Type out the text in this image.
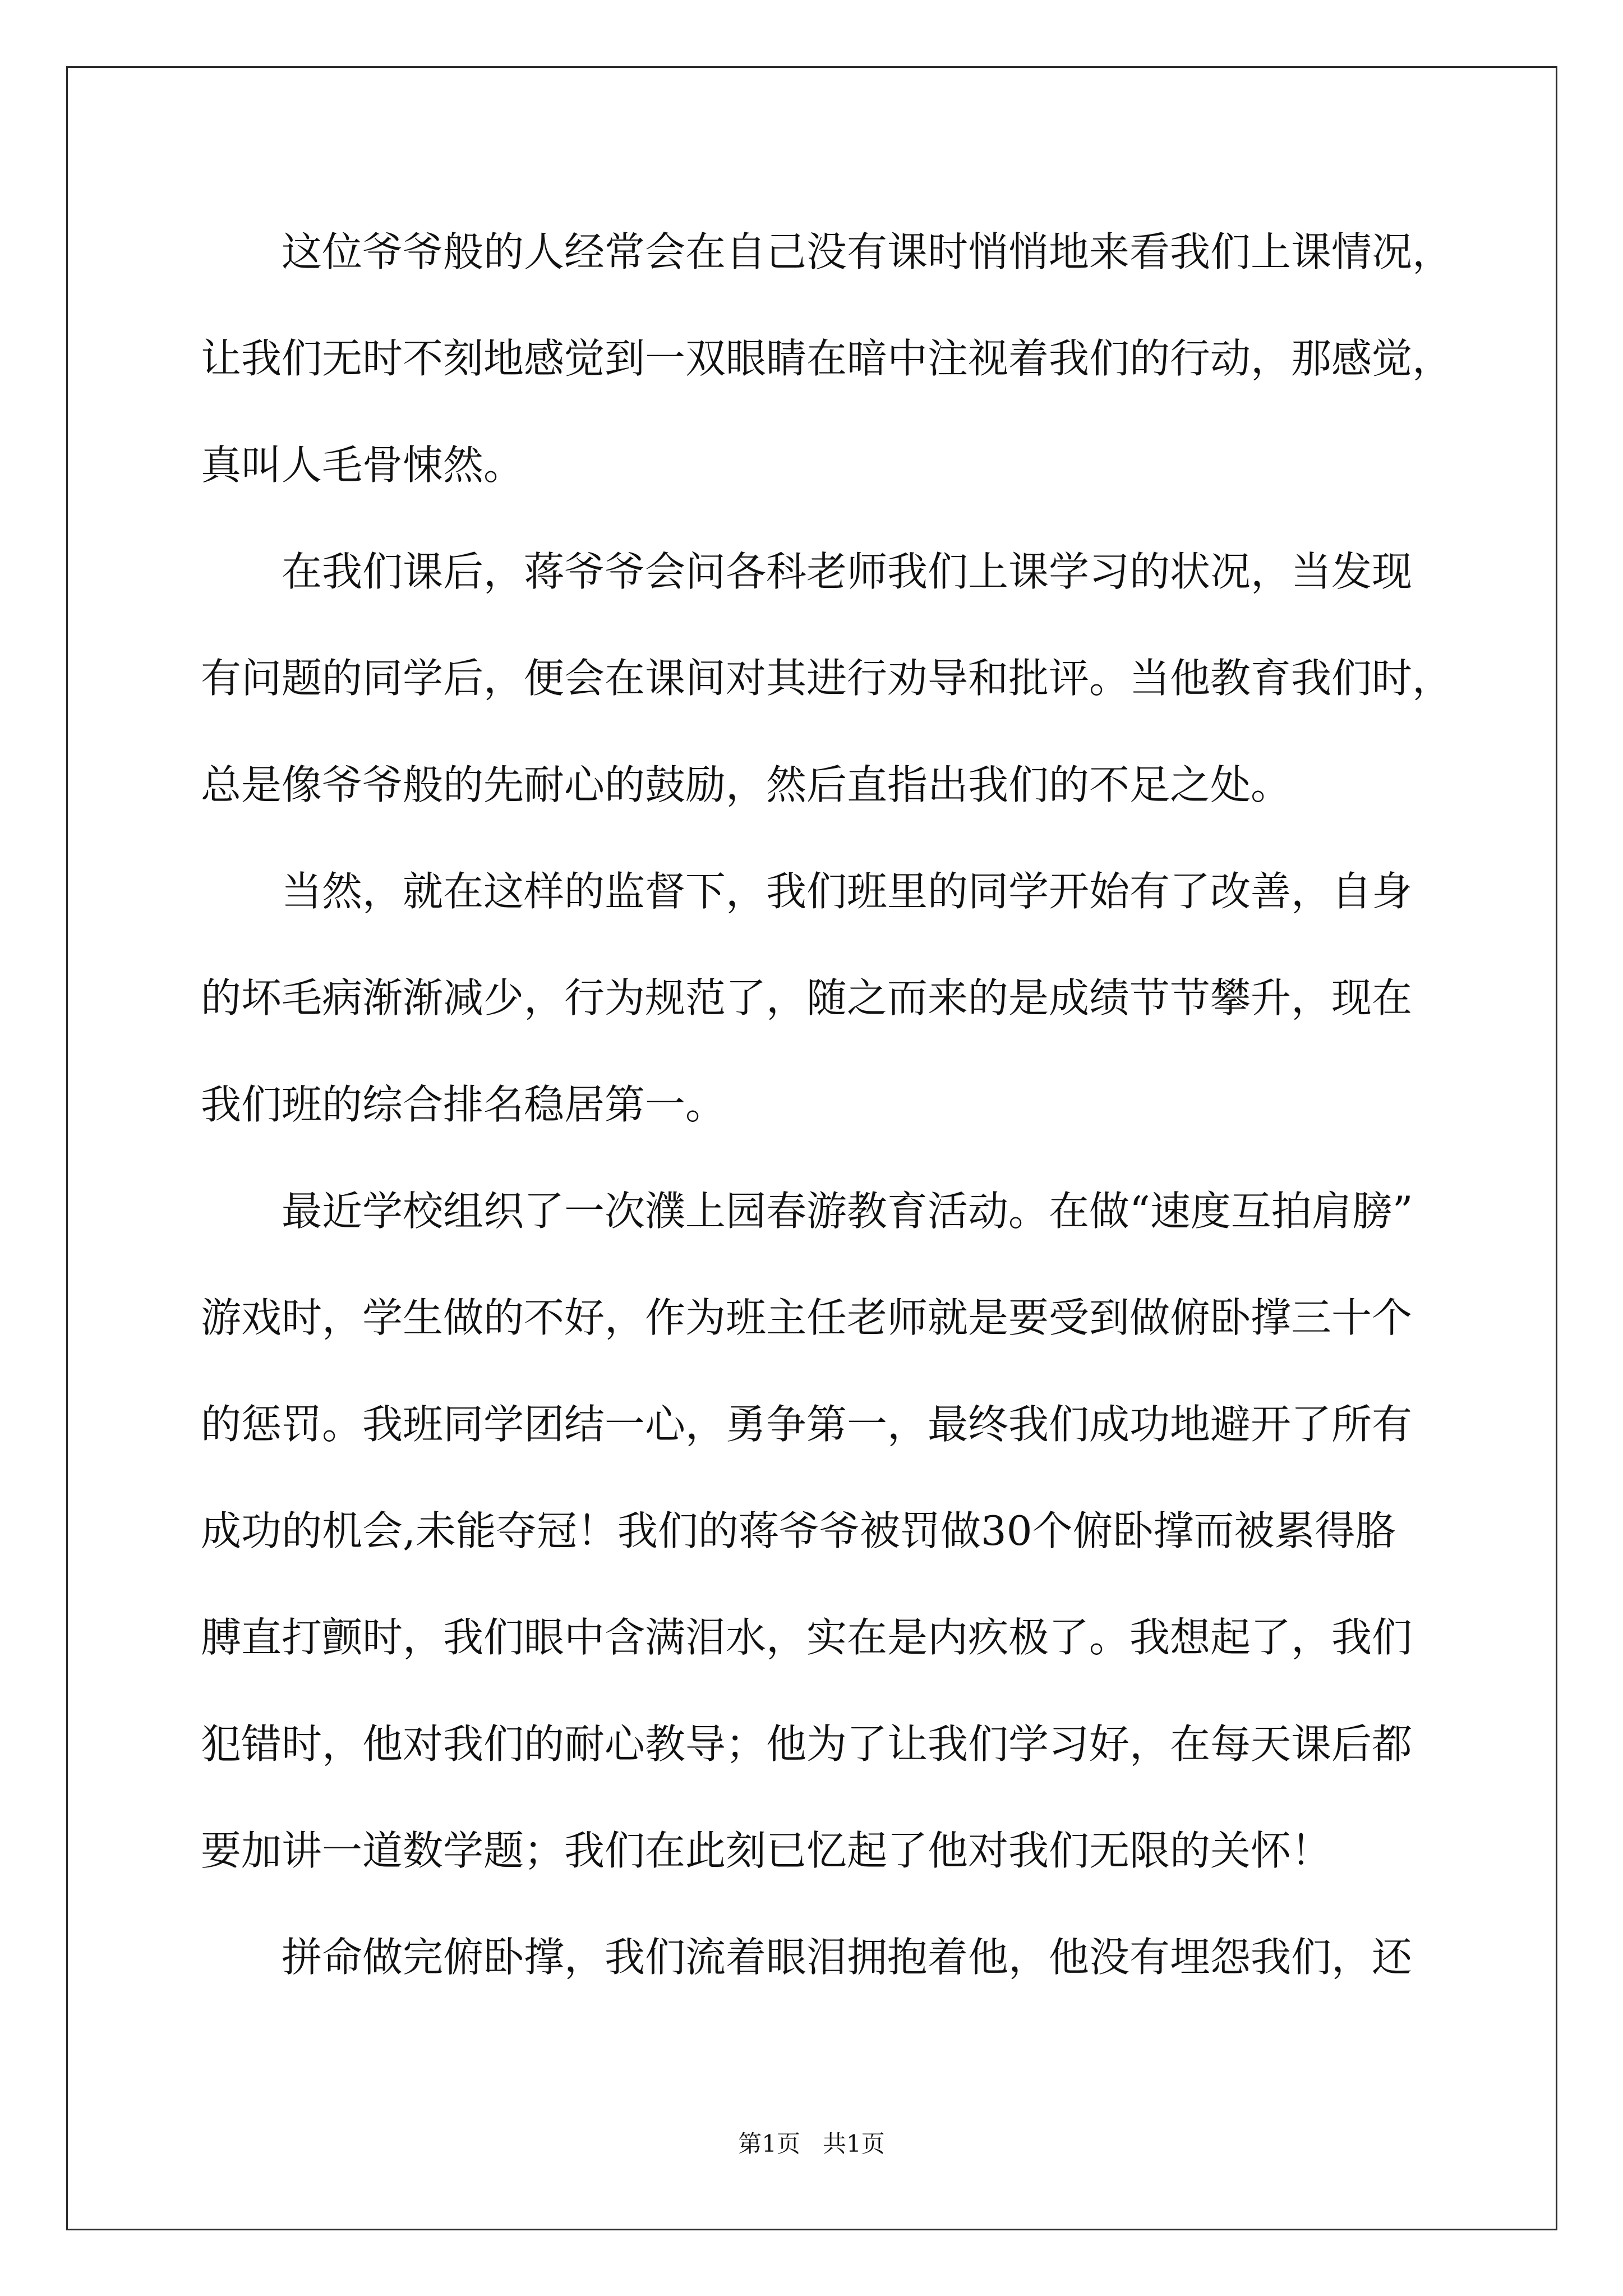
这位爷爷般的人经常会在自己没有课时悄悄地来看我们上课情况，
让我们无时不刻地感觉到一双眼睛在暗中注视着我们的行动，那感觉，
真叫人毛骨悚然。
在我们课后，蒋爷爷会问各科老师我们上课学习的状况，当发现
有问题的同学后，便会在课间对其进行劝导和批评。当他教育我们时，
总是像爷爷般的先耐心的鼓励，然后直指出我们的不足之处。
当然，就在这样的监督下，我们班里的同学开始有了改善，自身
的坏毛病渐渐减少，行为规范了，随之而来的是成绩节节攀升，现在
我们班的综合排名稳居第一。
最近学校组织了一次濮上园春游教育活动。在做“速度互拍肩膀”
游戏时，学生做的不好，作为班主任老师就是要受到做俯卧撑三十个
的惩罚。我班同学团结一心，勇争第一，最终我们成功地避开了所有
成功的机会,未能夺冠！我们的蒋爷爷被罚做30个俯卧撑而被累得胳
膊直打颤时，我们眼中含满泪水，实在是内疚极了。我想起了，我们
犯错时，他对我们的耐心教导；他为了让我们学习好，在每天课后都
要加讲一道数学题；我们在此刻已忆起了他对我们无限的关怀！
拼命做完俯卧撑，我们流着眼泪拥抱着他，他没有埋怨我们，还
第1页   共1页
